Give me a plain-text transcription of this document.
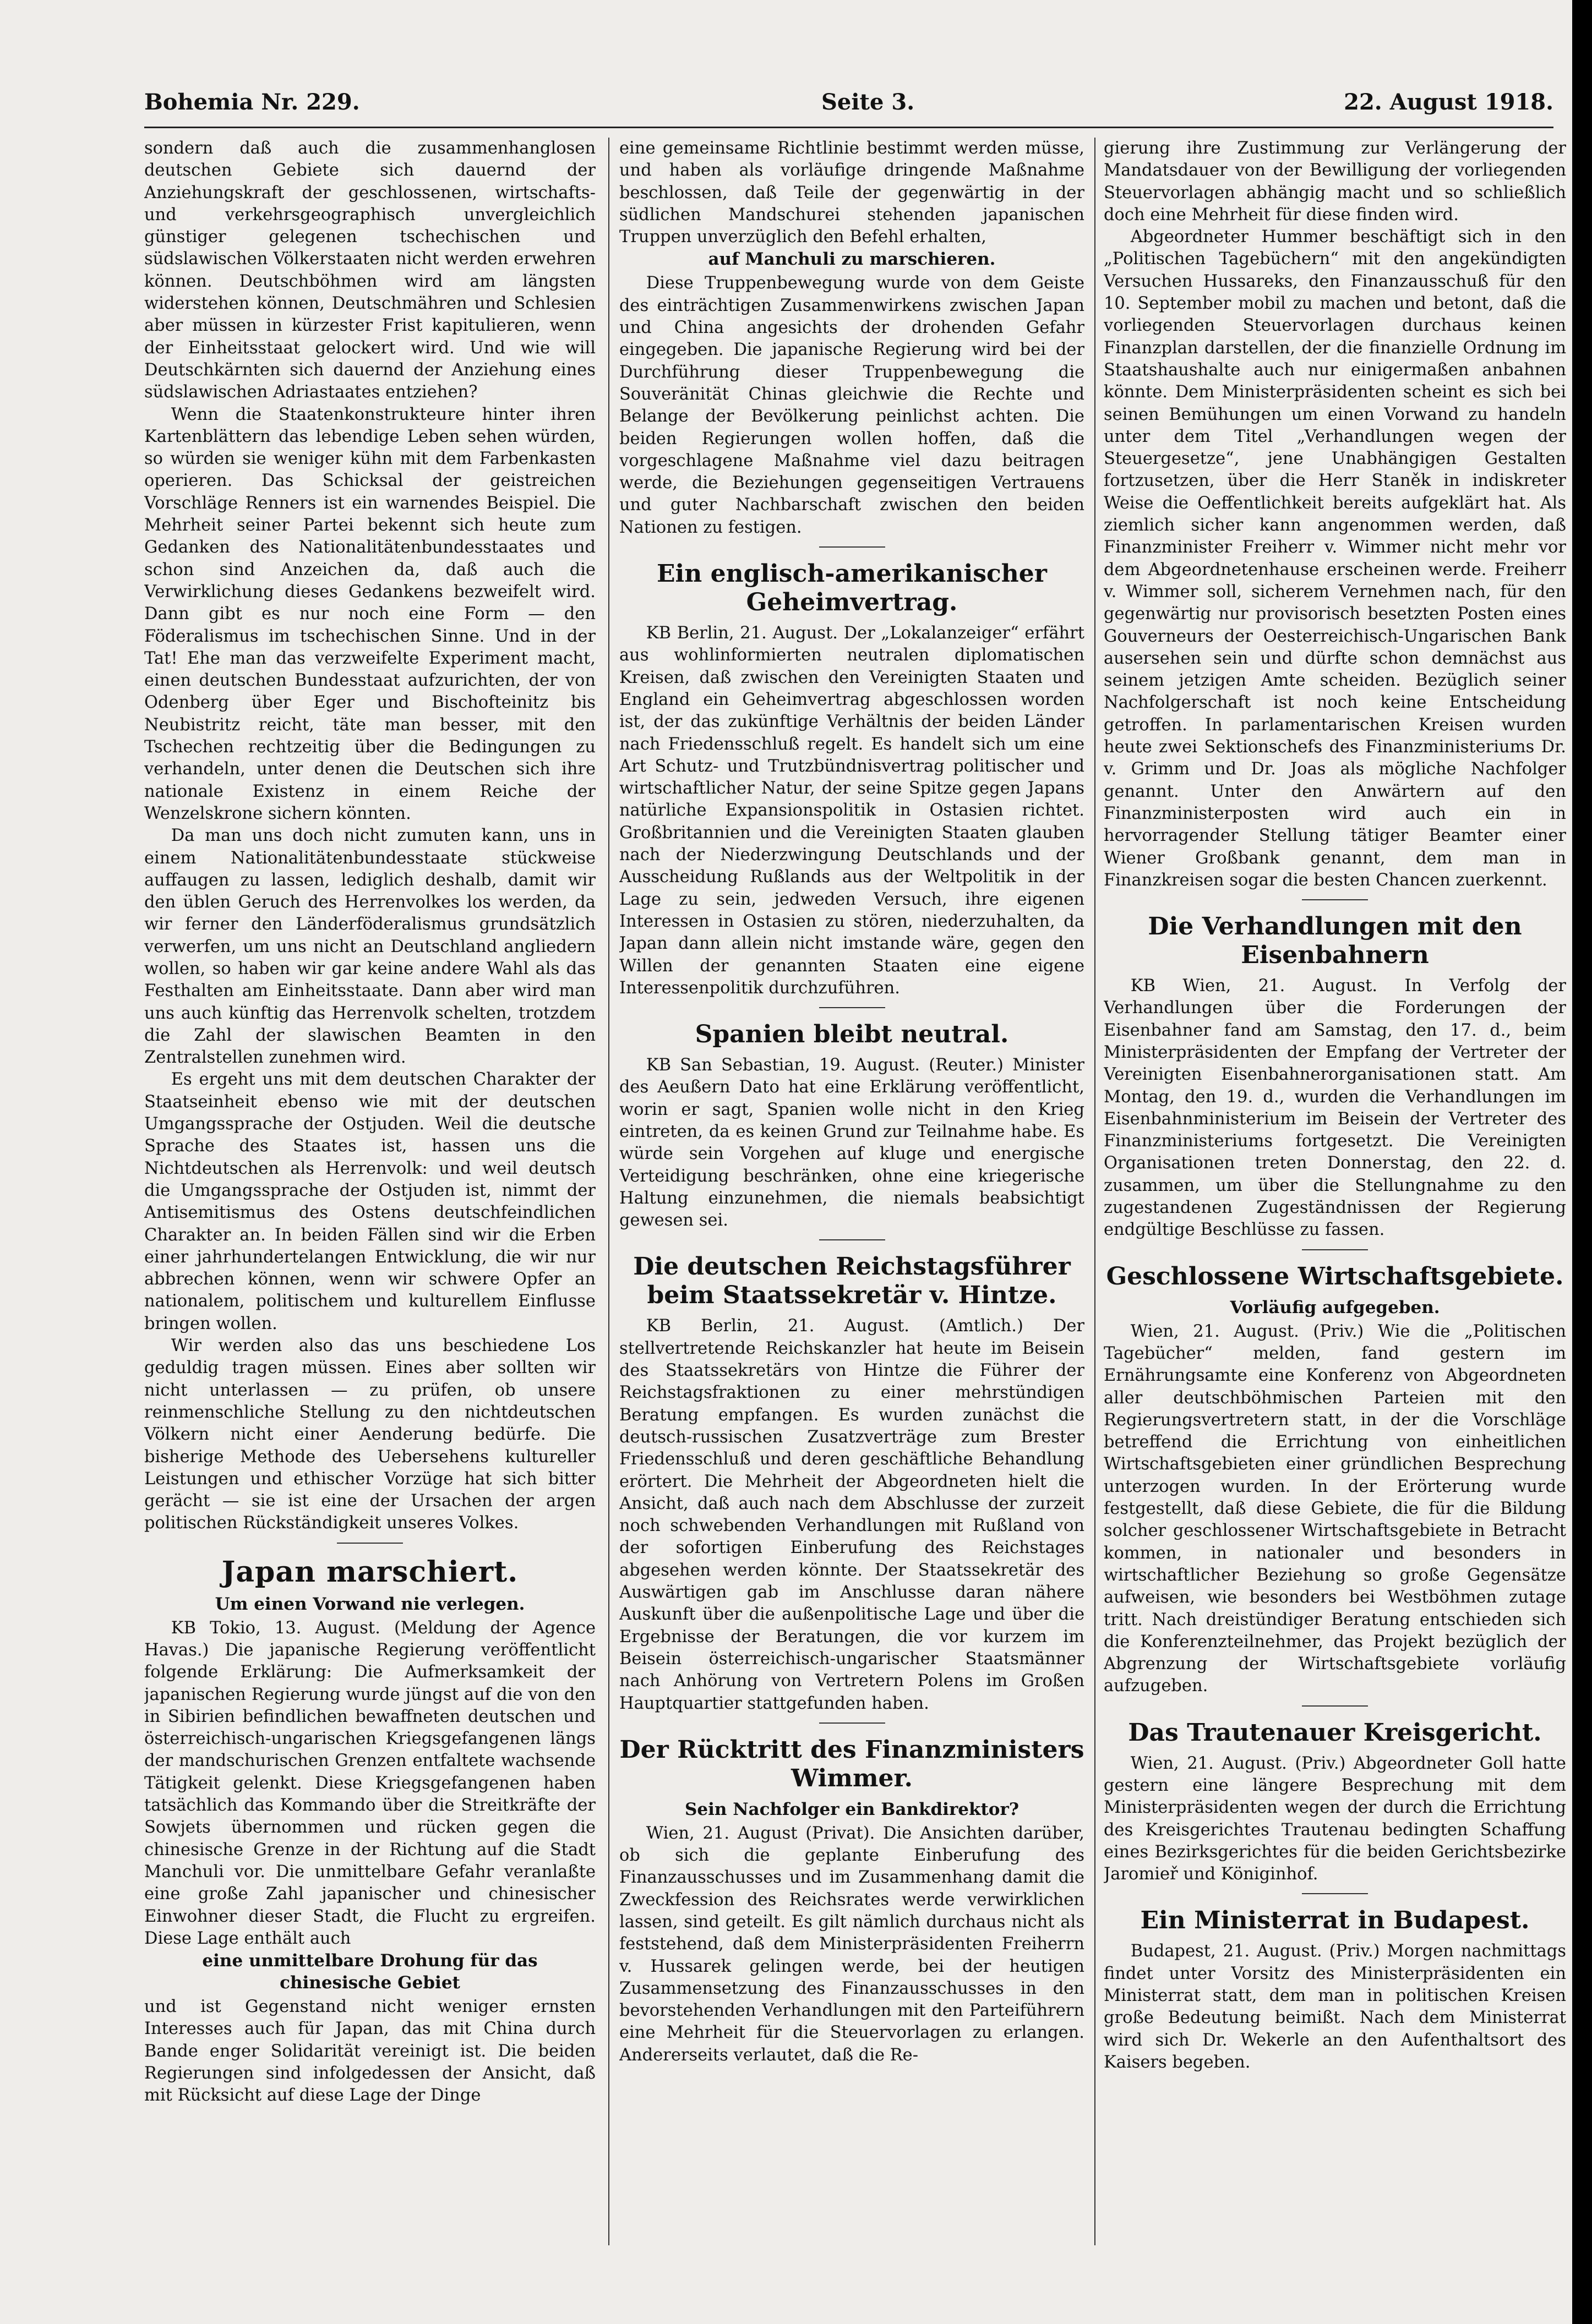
Bohemia Nr. 229.	Seite 3.	22. August 1918.

sondern daß auch die zusammenhanglosen deutschen Gebiete sich dauernd der Anziehungskraft der geschlossenen, wirtschafts- und verkehrsgeographisch unvergleichlich günstiger gelegenen tschechischen und südslawischen Völkerstaaten nicht werden erwehren können. Deutschböhmen wird am längsten widerstehen können, Deutschmähren und Schlesien aber müssen in kürzester Frist kapitulieren, wenn der Einheitsstaat gelockert wird. Und wie will Deutschkärnten sich dauernd der Anziehung eines südslawischen Adriastaates entziehen?

Wenn die Staatenkonstrukteure hinter ihren Kartenblättern das lebendige Leben sehen würden, so würden sie weniger kühn mit dem Farbenkasten operieren. Das Schicksal der geistreichen Vorschläge Renners ist ein warnendes Beispiel. Die Mehrheit seiner Partei bekennt sich heute zum Gedanken des Nationalitätenbundesstaates und schon sind Anzeichen da, daß auch die Verwirklichung dieses Gedankens bezweifelt wird. Dann gibt es nur noch eine Form — den Föderalismus im tschechischen Sinne. Und in der Tat! Ehe man das verzweifelte Experiment macht, einen deutschen Bundesstaat aufzurichten, der von Odenberg über Eger und Bischofteinitz bis Neubistritz reicht, täte man besser, mit den Tschechen rechtzeitig über die Bedingungen zu verhandeln, unter denen die Deutschen sich ihre nationale Existenz in einem Reiche der Wenzelskrone sichern könnten.

Da man uns doch nicht zumuten kann, uns in einem Nationalitätenbundesstaate stückweise auffaugen zu lassen, lediglich deshalb, damit wir den üblen Geruch des Herrenvolkes los werden, da wir ferner den Länderföderalismus grundsätzlich verwerfen, um uns nicht an Deutschland angliedern wollen, so haben wir gar keine andere Wahl als das Festhalten am Einheitsstaate. Dann aber wird man uns auch künftig das Herrenvolk schelten, trotzdem die Zahl der slawischen Beamten in den Zentralstellen zunehmen wird.

Es ergeht uns mit dem deutschen Charakter der Staatseinheit ebenso wie mit der deutschen Umgangssprache der Ostjuden. Weil die deutsche Sprache des Staates ist, hassen uns die Nichtdeutschen als Herrenvolk: und weil deutsch die Umgangssprache der Ostjuden ist, nimmt der Antisemitismus des Ostens deutschfeindlichen Charakter an. In beiden Fällen sind wir die Erben einer jahrhundertelangen Entwicklung, die wir nur abbrechen können, wenn wir schwere Opfer an nationalem, politischem und kulturellem Einflusse bringen wollen.

Wir werden also das uns beschiedene Los geduldig tragen müssen. Eines aber sollten wir nicht unterlassen — zu prüfen, ob unsere reinmenschliche Stellung zu den nichtdeutschen Völkern nicht einer Aenderung bedürfe. Die bisherige Methode des Uebersehens kultureller Leistungen und ethischer Vorzüge hat sich bitter gerächt — sie ist eine der Ursachen der argen politischen Rückständigkeit unseres Volkes.

Japan marschiert.
Um einen Vorwand nie verlegen.

KB Tokio, 13. August. (Meldung der Agence Havas.) Die japanische Regierung veröffentlicht folgende Erklärung: Die Aufmerksamkeit der japanischen Regierung wurde jüngst auf die von den in Sibirien befindlichen bewaffneten deutschen und österreichisch-ungarischen Kriegsgefangenen längs der mandschurischen Grenzen entfaltete wachsende Tätigkeit gelenkt. Diese Kriegsgefangenen haben tatsächlich das Kommando über die Streitkräfte der Sowjets übernommen und rücken gegen die chinesische Grenze in der Richtung auf die Stadt Manchuli vor. Die unmittelbare Gefahr veranlaßte eine große Zahl japanischer und chinesischer Einwohner dieser Stadt, die Flucht zu ergreifen. Diese Lage enthält auch

eine unmittelbare Drohung für das chinesische Gebiet

und ist Gegenstand nicht weniger ernsten Interesses auch für Japan, das mit China durch Bande enger Solidarität vereinigt ist. Die beiden Regierungen sind infolgedessen der Ansicht, daß mit Rücksicht auf diese Lage der Dinge

eine gemeinsame Richtlinie bestimmt werden müsse, und haben als vorläufige dringende Maßnahme beschlossen, daß Teile der gegenwärtig in der südlichen Mandschurei stehenden japanischen Truppen unverzüglich den Befehl erhalten,

auf Manchuli zu marschieren.

Diese Truppenbewegung wurde von dem Geiste des einträchtigen Zusammenwirkens zwischen Japan und China angesichts der drohenden Gefahr eingegeben. Die japanische Regierung wird bei der Durchführung dieser Truppenbewegung die Souveränität Chinas gleichwie die Rechte und Belange der Bevölkerung peinlichst achten. Die beiden Regierungen wollen hoffen, daß die vorgeschlagene Maßnahme viel dazu beitragen werde, die Beziehungen gegenseitigen Vertrauens und guter Nachbarschaft zwischen den beiden Nationen zu festigen.

Ein englisch-amerikanischer Geheimvertrag.

KB Berlin, 21. August. Der „Lokalanzeiger“ erfährt aus wohlinformierten neutralen diplomatischen Kreisen, daß zwischen den Vereinigten Staaten und England ein Geheimvertrag abgeschlossen worden ist, der das zukünftige Verhältnis der beiden Länder nach Friedensschluß regelt. Es handelt sich um eine Art Schutz- und Trutzbündnisvertrag politischer und wirtschaftlicher Natur, der seine Spitze gegen Japans natürliche Expansionspolitik in Ostasien richtet. Großbritannien und die Vereinigten Staaten glauben nach der Niederzwingung Deutschlands und der Ausscheidung Rußlands aus der Weltpolitik in der Lage zu sein, jedweden Versuch, ihre eigenen Interessen in Ostasien zu stören, niederzuhalten, da Japan dann allein nicht imstande wäre, gegen den Willen der genannten Staaten eine eigene Interessenpolitik durchzuführen.

Spanien bleibt neutral.

KB San Sebastian, 19. August. (Reuter.) Minister des Aeußern Dato hat eine Erklärung veröffentlicht, worin er sagt, Spanien wolle nicht in den Krieg eintreten, da es keinen Grund zur Teilnahme habe. Es würde sein Vorgehen auf kluge und energische Verteidigung beschränken, ohne eine kriegerische Haltung einzunehmen, die niemals beabsichtigt gewesen sei.

Die deutschen Reichstagsführer beim Staatssekretär v. Hintze.

KB Berlin, 21. August. (Amtlich.) Der stellvertretende Reichskanzler hat heute im Beisein des Staatssekretärs von Hintze die Führer der Reichstagsfraktionen zu einer mehrstündigen Beratung empfangen. Es wurden zunächst die deutsch-russischen Zusatzverträge zum Brester Friedensschluß und deren geschäftliche Behandlung erörtert. Die Mehrheit der Abgeordneten hielt die Ansicht, daß auch nach dem Abschlusse der zurzeit noch schwebenden Verhandlungen mit Rußland von der sofortigen Einberufung des Reichstages abgesehen werden könnte. Der Staatssekretär des Auswärtigen gab im Anschlusse daran nähere Auskunft über die außenpolitische Lage und über die Ergebnisse der Beratungen, die vor kurzem im Beisein österreichisch-ungarischer Staatsmänner nach Anhörung von Vertretern Polens im Großen Hauptquartier stattgefunden haben.

Der Rücktritt des Finanzministers Wimmer.
Sein Nachfolger ein Bankdirektor?

Wien, 21. August (Privat). Die Ansichten darüber, ob sich die geplante Einberufung des Finanzausschusses und im Zusammenhang damit die Zweckfession des Reichsrates werde verwirklichen lassen, sind geteilt. Es gilt nämlich durchaus nicht als feststehend, daß dem Ministerpräsidenten Freiherrn v. Hussarek gelingen werde, bei der heutigen Zusammensetzung des Finanzausschusses in den bevorstehenden Verhandlungen mit den Parteiführern eine Mehrheit für die Steuervorlagen zu erlangen. Andererseits verlautet, daß die Re-

gierung ihre Zustimmung zur Verlängerung der Mandatsdauer von der Bewilligung der vorliegenden Steuervorlagen abhängig macht und so schließlich doch eine Mehrheit für diese finden wird.

Abgeordneter Hummer beschäftigt sich in den „Politischen Tagebüchern“ mit den angekündigten Versuchen Hussareks, den Finanzausschuß für den 10. September mobil zu machen und betont, daß die vorliegenden Steuervorlagen durchaus keinen Finanzplan darstellen, der die finanzielle Ordnung im Staatshaushalte auch nur einigermaßen anbahnen könnte. Dem Ministerpräsidenten scheint es sich bei seinen Bemühungen um einen Vorwand zu handeln unter dem Titel „Verhandlungen wegen der Steuergesetze“, jene Unabhängigen Gestalten fortzusetzen, über die Herr Staněk in indiskreter Weise die Oeffentlichkeit bereits aufgeklärt hat. Als ziemlich sicher kann angenommen werden, daß Finanzminister Freiherr v. Wimmer nicht mehr vor dem Abgeordnetenhause erscheinen werde. Freiherr v. Wimmer soll, sicherem Vernehmen nach, für den gegenwärtig nur provisorisch besetzten Posten eines Gouverneurs der Oesterreichisch-Ungarischen Bank ausersehen sein und dürfte schon demnächst aus seinem jetzigen Amte scheiden. Bezüglich seiner Nachfolgerschaft ist noch keine Entscheidung getroffen. In parlamentarischen Kreisen wurden heute zwei Sektionschefs des Finanzministeriums Dr. v. Grimm und Dr. Joas als mögliche Nachfolger genannt. Unter den Anwärtern auf den Finanzministerposten wird auch ein in hervorragender Stellung tätiger Beamter einer Wiener Großbank genannt, dem man in Finanzkreisen sogar die besten Chancen zuerkennt.

Die Verhandlungen mit den Eisenbahnern

KB Wien, 21. August. In Verfolg der Verhandlungen über die Forderungen der Eisenbahner fand am Samstag, den 17. d., beim Ministerpräsidenten der Empfang der Vertreter der Vereinigten Eisenbahnerorganisationen statt. Am Montag, den 19. d., wurden die Verhandlungen im Eisenbahnministerium im Beisein der Vertreter des Finanzministeriums fortgesetzt. Die Vereinigten Organisationen treten Donnerstag, den 22. d. zusammen, um über die Stellungnahme zu den zugestandenen Zugeständnissen der Regierung endgültige Beschlüsse zu fassen.

Geschlossene Wirtschaftsgebiete.
Vorläufig aufgegeben.

Wien, 21. August. (Priv.) Wie die „Politischen Tagebücher“ melden, fand gestern im Ernährungsamte eine Konferenz von Abgeordneten aller deutschböhmischen Parteien mit den Regierungsvertretern statt, in der die Vorschläge betreffend die Errichtung von einheitlichen Wirtschaftsgebieten einer gründlichen Besprechung unterzogen wurden. In der Erörterung wurde festgestellt, daß diese Gebiete, die für die Bildung solcher geschlossener Wirtschaftsgebiete in Betracht kommen, in nationaler und besonders in wirtschaftlicher Beziehung so große Gegensätze aufweisen, wie besonders bei Westböhmen zutage tritt. Nach dreistündiger Beratung entschieden sich die Konferenzteilnehmer, das Projekt bezüglich der Abgrenzung der Wirtschaftsgebiete vorläufig aufzugeben.

Das Trautenauer Kreisgericht.

Wien, 21. August. (Priv.) Abgeordneter Goll hatte gestern eine längere Besprechung mit dem Ministerpräsidenten wegen der durch die Errichtung des Kreisgerichtes Trautenau bedingten Schaffung eines Bezirksgerichtes für die beiden Gerichtsbezirke Jaromieř und Königinhof.

Ein Ministerrat in Budapest.

Budapest, 21. August. (Priv.) Morgen nachmittags findet unter Vorsitz des Ministerpräsidenten ein Ministerrat statt, dem man in politischen Kreisen große Bedeutung beimißt. Nach dem Ministerrat wird sich Dr. Wekerle an den Aufenthaltsort des Kaisers begeben.
